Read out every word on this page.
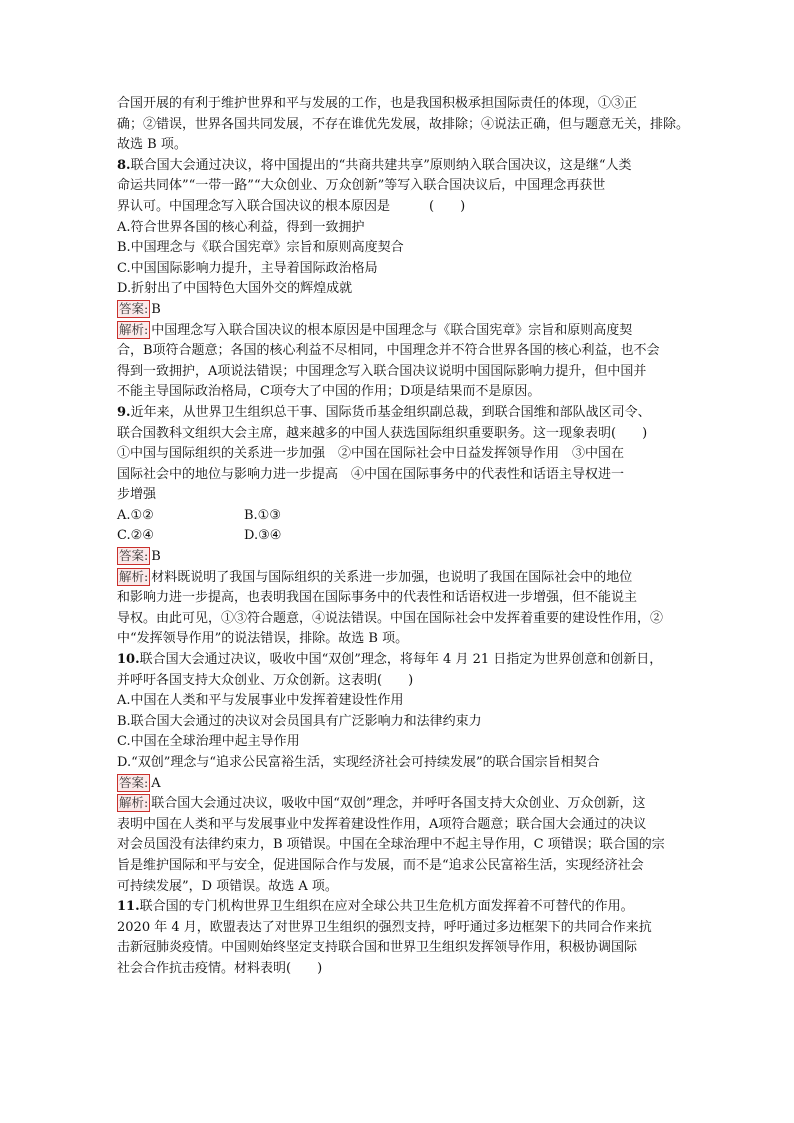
合国开展的有利于维护世界和平与发展的工作，也是我国积极承担国际责任的体现，①③正
确；②错误，世界各国共同发展，不存在谁优先发展，故排除；④说法正确，但与题意无关，排除。
故选 B 项。
8.联合国大会通过决议，将中国提出的“共商共建共享”原则纳入联合国决议，这是继“人类
命运共同体”“一带一路”“大众创业、万众创新”等写入联合国决议后，中国理念再获世
界认可。中国理念写入联合国决议的根本原因是　　　(　　)
A.符合世界各国的核心利益，得到一致拥护
B.中国理念与《联合国宪章》宗旨和原则高度契合
C.中国国际影响力提升，主导着国际政治格局
D.折射出了中国特色大国外交的辉煌成就
答案: B
解析: 中国理念写入联合国决议的根本原因是中国理念与《联合国宪章》宗旨和原则高度契
合，B项符合题意；各国的核心利益不尽相同，中国理念并不符合世界各国的核心利益，也不会
得到一致拥护，A项说法错误；中国理念写入联合国决议说明中国国际影响力提升，但中国并
不能主导国际政治格局，C项夸大了中国的作用；D项是结果而不是原因。
9.近年来，从世界卫生组织总干事、国际货币基金组织副总裁，到联合国维和部队战区司令、
联合国教科文组织大会主席，越来越多的中国人获选国际组织重要职务。这一现象表明(　　)
①中国与国际组织的关系进一步加强　②中国在国际社会中日益发挥领导作用　③中国在
国际社会中的地位与影响力进一步提高　④中国在国际事务中的代表性和话语主导权进一
步增强
A.①②	B.①③
C.②④	D.③④
答案: B
解析: 材料既说明了我国与国际组织的关系进一步加强，也说明了我国在国际社会中的地位
和影响力进一步提高，也表明我国在国际事务中的代表性和话语权进一步增强，但不能说主
导权。由此可见，①③符合题意，④说法错误。中国在国际社会中发挥着重要的建设性作用，②
中“发挥领导作用”的说法错误，排除。故选 B 项。
10.联合国大会通过决议，吸收中国“双创”理念，将每年 4 月 21 日指定为世界创意和创新日，
并呼吁各国支持大众创业、万众创新。这表明(　　)
A.中国在人类和平与发展事业中发挥着建设性作用
B.联合国大会通过的决议对会员国具有广泛影响力和法律约束力
C.中国在全球治理中起主导作用
D.“双创”理念与“追求公民富裕生活，实现经济社会可持续发展”的联合国宗旨相契合
答案: A
解析: 联合国大会通过决议，吸收中国“双创”理念，并呼吁各国支持大众创业、万众创新，这
表明中国在人类和平与发展事业中发挥着建设性作用，A项符合题意；联合国大会通过的决议
对会员国没有法律约束力，B 项错误。中国在全球治理中不起主导作用，C 项错误；联合国的宗
旨是维护国际和平与安全，促进国际合作与发展，而不是“追求公民富裕生活，实现经济社会
可持续发展”，D 项错误。故选 A 项。
11.联合国的专门机构世界卫生组织在应对全球公共卫生危机方面发挥着不可替代的作用。
2020 年 4 月，欧盟表达了对世界卫生组织的强烈支持，呼吁通过多边框架下的共同合作来抗
击新冠肺炎疫情。中国则始终坚定支持联合国和世界卫生组织发挥领导作用，积极协调国际
社会合作抗击疫情。材料表明(　　)
